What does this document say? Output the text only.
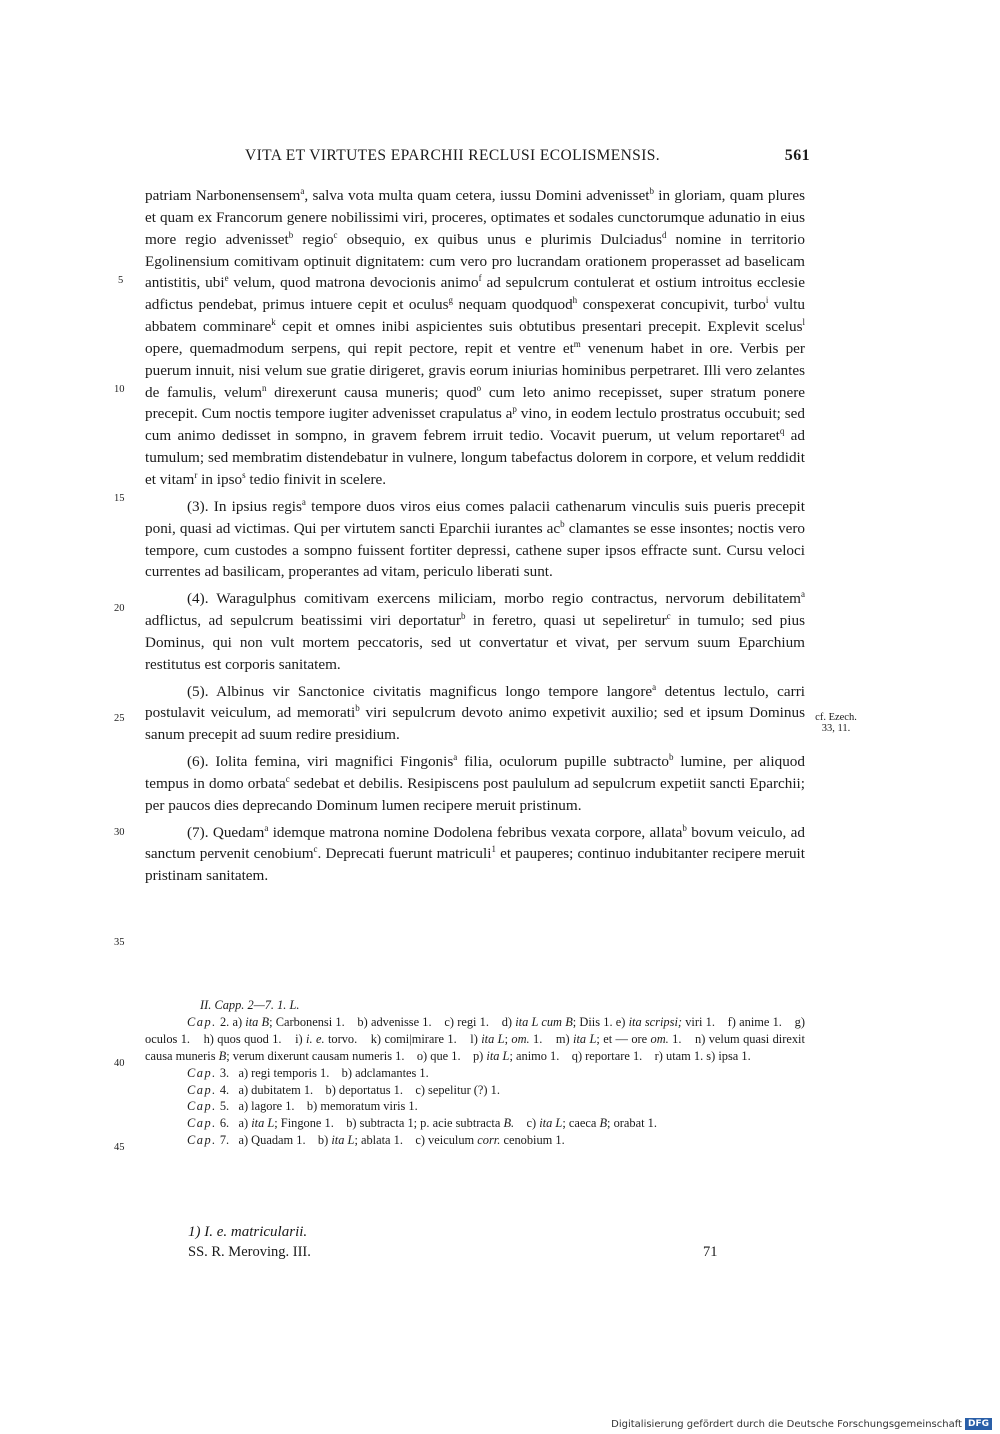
VITA ET VIRTUTES EPARCHII RECLUSI ECOLISMENSIS.	561
5
10
15
20
25
30
35
40
45
cf. Ezech.
33, 11.

patriam Narbonensensem$^a$, salva vota multa quam cetera, iussu Domini advenisset$^b$ in gloriam, quam plures et quam ex Francorum genere nobilissimi viri, proceres, optimates et sodales cunctorumque adunatio in eius more regio advenisset$^b$ regio$^c$ obsequio, ex quibus unus e plurimis Dulciadus$^d$ nomine in territorio Egolinensium comitivam optinuit dignitatem: cum vero pro lucrandam orationem properasset ad baselicam antistitis, ubi$^e$ velum, quod matrona devocionis animo$^f$ ad sepulcrum contulerat et ostium introitus ecclesie adfictus pendebat, primus intuere cepit et oculus$^g$ nequam quodquod$^h$ conspexerat concupivit, turbo$^i$ vultu abbatem comminare$^k$ cepit et omnes inibi aspicientes suis obtutibus presentari precepit. Explevit scelus$^l$ opere, quemadmodum serpens, qui repit pectore, repit et ventre $et^m$ venenum habet in ore. Verbis per puerum innuit, nisi velum sue gratie dirigeret, gravis eorum iniurias hominibus perpetraret. Illi vero zelantes de famulis, velum$^n$ direxerunt causa muneris; quod$^o$ cum leto animo recepisset, super stratum ponere precepit. Cum noctis tempore iugiter advenisset crapulatus $a^p$ vino, in eodem lectulo prostratus occubuit; sed cum animo dedisset in sompno, in gravem febrem irruit tedio. Vocavit puerum, ut velum reportaret$^q$ ad tumulum; sed membratim distendebatur in vulnere, longum tabefactus dolorem in corpore, et velum reddidit et vitam$^r$ in ipso$^s$ tedio finivit in scelere.

(3). In ipsius regis$^a$ tempore duos viros eius comes palacii cathenarum vinculis suis pueris precepit poni, quasi ad victimas. Qui per virtutem sancti Eparchii iurantes $ac^b$ clamantes se esse insontes; noctis vero tempore, cum custodes a sompno fuissent fortiter depressi, cathene super ipsos effracte sunt. Cursu veloci currentes ad basilicam, properantes ad vitam, periculo liberati sunt.

(4). Waragulphus comitivam exercens miliciam, morbo regio contractus, nervorum debilitatem$^a$ adflictus, ad sepulcrum beatissimi viri deportatur$^b$ in feretro, quasi ut sepeliretur$^c$ in tumulo; sed pius Dominus, qui non vult mortem peccatoris, sed ut convertatur et vivat, per servum suum Eparchium restitutus est corporis sanitatem.

(5). Albinus vir Sanctonice civitatis magnificus longo tempore langore$^a$ detentus lectulo, carri postulavit veiculum, ad memorati$^b$ viri sepulcrum devoto animo expetivit auxilio; sed et ipsum Dominus sanum precepit ad suum redire presidium.

(6). Iolita femina, viri magnifici Fingonis$^a$ filia, oculorum pupille subtracto$^b$ lumine, per aliquod tempus in domo orbata$^c$ sedebat et debilis. Resipiscens post paululum ad sepulcrum expetiit sancti Eparchii; per paucos dies deprecando Dominum lumen recipere meruit pristinum.

(7). Quedam$^a$ idemque matrona nomine Dodolena febribus vexata corpore, allata$^b$ bovum veiculo, ad sanctum pervenit cenobium$^c$. Deprecati fuerunt matriculi$^1$ et pauperes; continuo indubitanter recipere meruit pristinam sanitatem.

II. Capp. 2—7. 1. L.

Cap. 2. a) ita B; Carbonensi 1.    b) advenisse 1.    c) regi 1.    d) ita L cum B; Diis 1. e) ita scripsi; viri 1.    f) anime 1.    g) oculos 1.    h) quos quod 1.    i) i. e. torvo.    k) comi|mirare 1.    l) ita L; om. 1.    m) ita L; et — ore om. 1.    n) velum quasi direxit causa muneris B; verum dixerunt causam numeris 1.    o) que 1.    p) ita L; animo 1.    q) reportare 1.    r) utam 1. s) ipsa 1.

Cap. 3.   a) regi temporis 1.    b) adclamantes 1.

Cap. 4.   a) dubitatem 1.    b) deportatus 1.    c) sepelitur (?) 1.

Cap. 5.   a) lagore 1.    b) memoratum viris 1.

Cap. 6.   a) ita L; Fingone 1.    b) subtracta 1; p. acie subtracta B.    c) ita L; caeca B; orabat 1.

Cap. 7.   a) Quadam 1.    b) ita L; ablata 1.    c) veiculum corr. cenobium 1.

1) I. e. matricularii.
SS. R. Meroving. III.	71
Digitalisierung gefördert durch die Deutsche Forschungsgemeinschaft DFG
